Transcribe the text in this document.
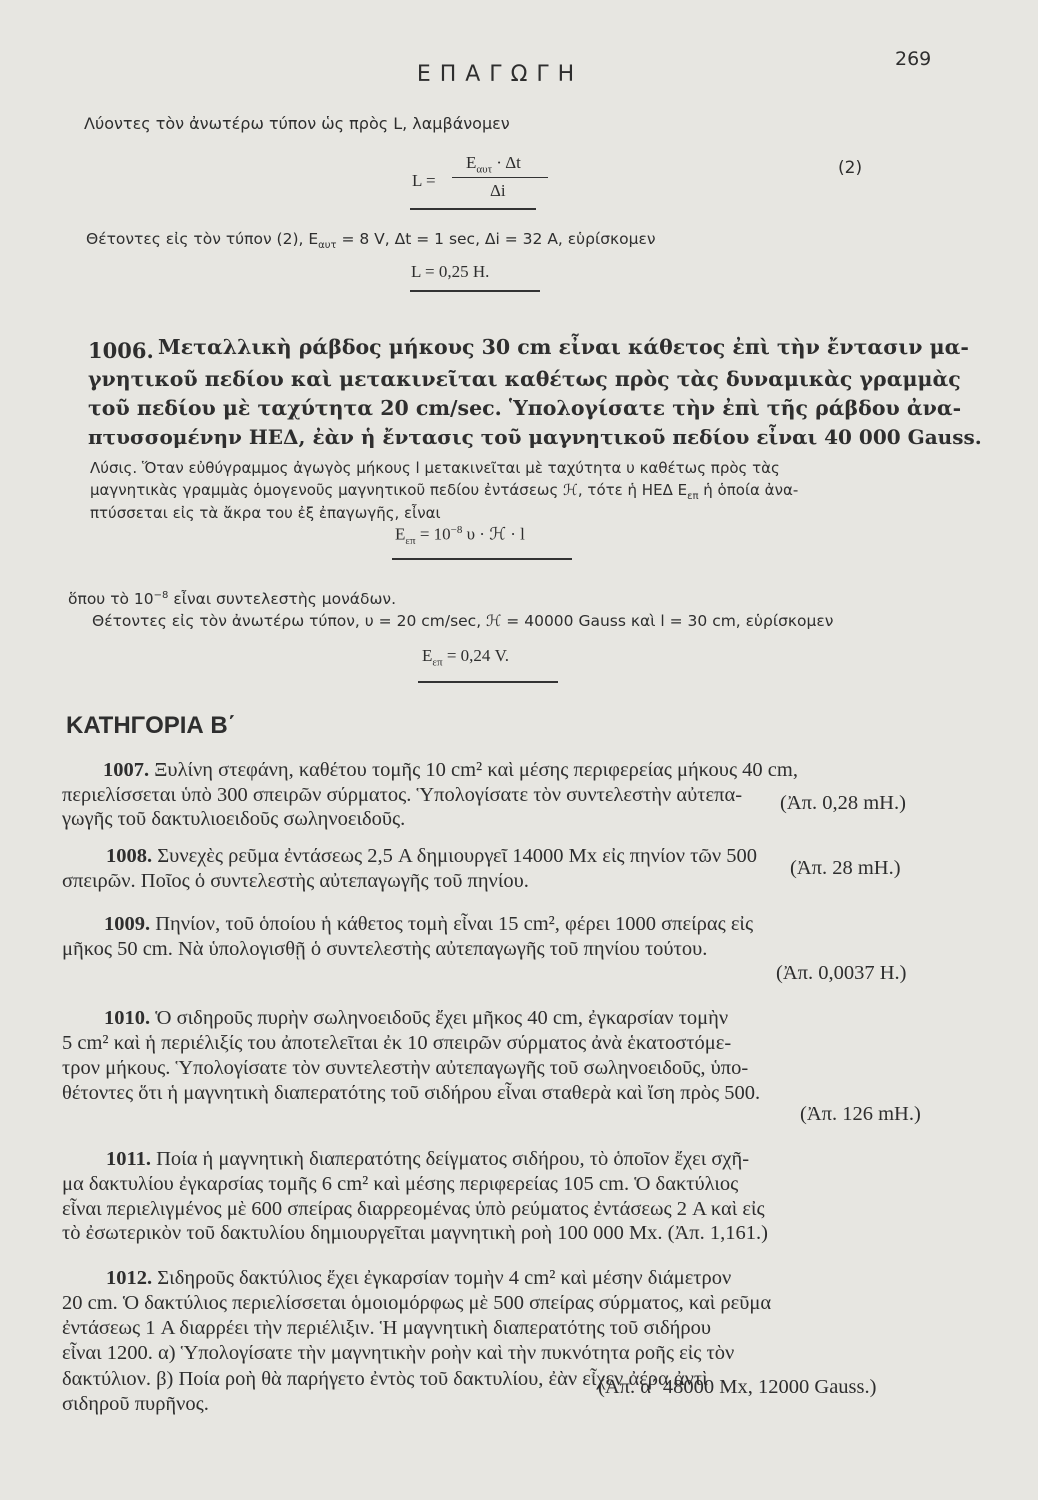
ΕΠΑΓΩΓΗ
269
Λύοντες τὸν ἀνωτέρω τύπον ὡς πρὸς L, λαμβάνομεν
L =
$E_{\alpha\upsilon\tau} \cdot \Delta t$
Δi
(2)
Θέτοντες εἰς τὸν τύπον (2), $E_{\alpha\upsilon\tau} = 8$ V, Δt = 1 sec, Δi = 32 A, εὑρίσκομεν
L = 0,25 H.
1006. Μεταλλικὴ ράβδος μήκους 30 cm εἶναι κάθετος ἐπὶ τὴν ἔντασιν μα-
γνητικοῦ πεδίου καὶ μετακινεῖται καθέτως πρὸς τὰς δυναμικὰς γραμμὰς
τοῦ πεδίου μὲ ταχύτητα 20 cm/sec. Ὑπολογίσατε τὴν ἐπὶ τῆς ράβδου ἀνα-
πτυσσομένην ΗΕΔ, ἐὰν ἡ ἔντασις τοῦ μαγνητικοῦ πεδίου εἶναι 40 000 Gauss.
Λύσις. Ὅταν εὐθύγραμμος ἀγωγὸς μήκους l μετακινεῖται μὲ ταχύτητα υ καθέτως πρὸς τὰς
μαγνητικὰς γραμμὰς ὁμογενοῦς μαγνητικοῦ πεδίου ἐντάσεως ℋ, τότε ἡ ΗΕΔ $E_{\varepsilon\pi}$ ἡ ὁποία ἀνα-
πτύσσεται εἰς τὰ ἄκρα του ἐξ ἐπαγωγῆς, εἶναι
$E_{\varepsilon\pi} = 10^{-8}$ υ · ℋ · l
ὅπου τὸ $10^{-8}$ εἶναι συντελεστὴς μονάδων.
Θέτοντες εἰς τὸν ἀνωτέρω τύπον, υ = 20 cm/sec, ℋ = 40000 Gauss καὶ l = 30 cm, εὑρίσκομεν
$E_{\varepsilon\pi} = 0,24$ V.
ΚΑΤΗΓΟΡΙΑ Β΄
1007. Ξυλίνη στεφάνη, καθέτου τομῆς 10 cm² καὶ μέσης περιφερείας μήκους 40 cm,
περιελίσσεται ὑπὸ 300 σπειρῶν σύρματος. Ὑπολογίσατε τὸν συντελεστὴν αὐτεπα-
γωγῆς τοῦ δακτυλιοειδοῦς σωληνοειδοῦς.
(Ἀπ. 0,28 mH.)
1008. Συνεχὲς ρεῦμα ἐντάσεως 2,5 A δημιουργεῖ 14000 Mx εἰς πηνίον τῶν 500
σπειρῶν. Ποῖος ὁ συντελεστὴς αὐτεπαγωγῆς τοῦ πηνίου.
(Ἀπ. 28 mH.)
1009. Πηνίον, τοῦ ὁποίου ἡ κάθετος τομὴ εἶναι 15 cm², φέρει 1000 σπείρας εἰς
μῆκος 50 cm. Νὰ ὑπολογισθῇ ὁ συντελεστὴς αὐτεπαγωγῆς τοῦ πηνίου τούτου.
(Ἀπ. 0,0037 H.)
1010. Ὁ σιδηροῦς πυρὴν σωληνοειδοῦς ἔχει μῆκος 40 cm, ἐγκαρσίαν τομὴν
5 cm² καὶ ἡ περιέλιξίς του ἀποτελεῖται ἐκ 10 σπειρῶν σύρματος ἀνὰ ἑκατοστόμε-
τρον μήκους. Ὑπολογίσατε τὸν συντελεστὴν αὐτεπαγωγῆς τοῦ σωληνοειδοῦς, ὑπο-
θέτοντες ὅτι ἡ μαγνητικὴ διαπερατότης τοῦ σιδήρου εἶναι σταθερὰ καὶ ἴση πρὸς 500.
(Ἀπ. 126 mH.)
1011. Ποία ἡ μαγνητικὴ διαπερατότης δείγματος σιδήρου, τὸ ὁποῖον ἔχει σχῆ-
μα δακτυλίου ἐγκαρσίας τομῆς 6 cm² καὶ μέσης περιφερείας 105 cm. Ὁ δακτύλιος
εἶναι περιελιγμένος μὲ 600 σπείρας διαρρεομένας ὑπὸ ρεύματος ἐντάσεως 2 A καὶ εἰς
τὸ ἐσωτερικὸν τοῦ δακτυλίου δημιουργεῖται μαγνητικὴ ροὴ 100 000 Mx. (Ἀπ. 1,161.)
1012. Σιδηροῦς δακτύλιος ἔχει ἐγκαρσίαν τομὴν 4 cm² καὶ μέσην διάμετρον
20 cm. Ὁ δακτύλιος περιελίσσεται ὁμοιομόρφως μὲ 500 σπείρας σύρματος, καὶ ρεῦμα
ἐντάσεως 1 A διαρρέει τὴν περιέλιξιν. Ἡ μαγνητικὴ διαπερατότης τοῦ σιδήρου
εἶναι 1200. α) Ὑπολογίσατε τὴν μαγνητικὴν ροὴν καὶ τὴν πυκνότητα ροῆς εἰς τὸν
δακτύλιον. β) Ποία ροὴ θὰ παρήγετο ἐντὸς τοῦ δακτυλίου, ἐὰν εἶχεν ἀέρα ἀντὶ
σιδηροῦ πυρῆνος.
(Ἀπ. α΄ 48000 Mx, 12000 Gauss.)
